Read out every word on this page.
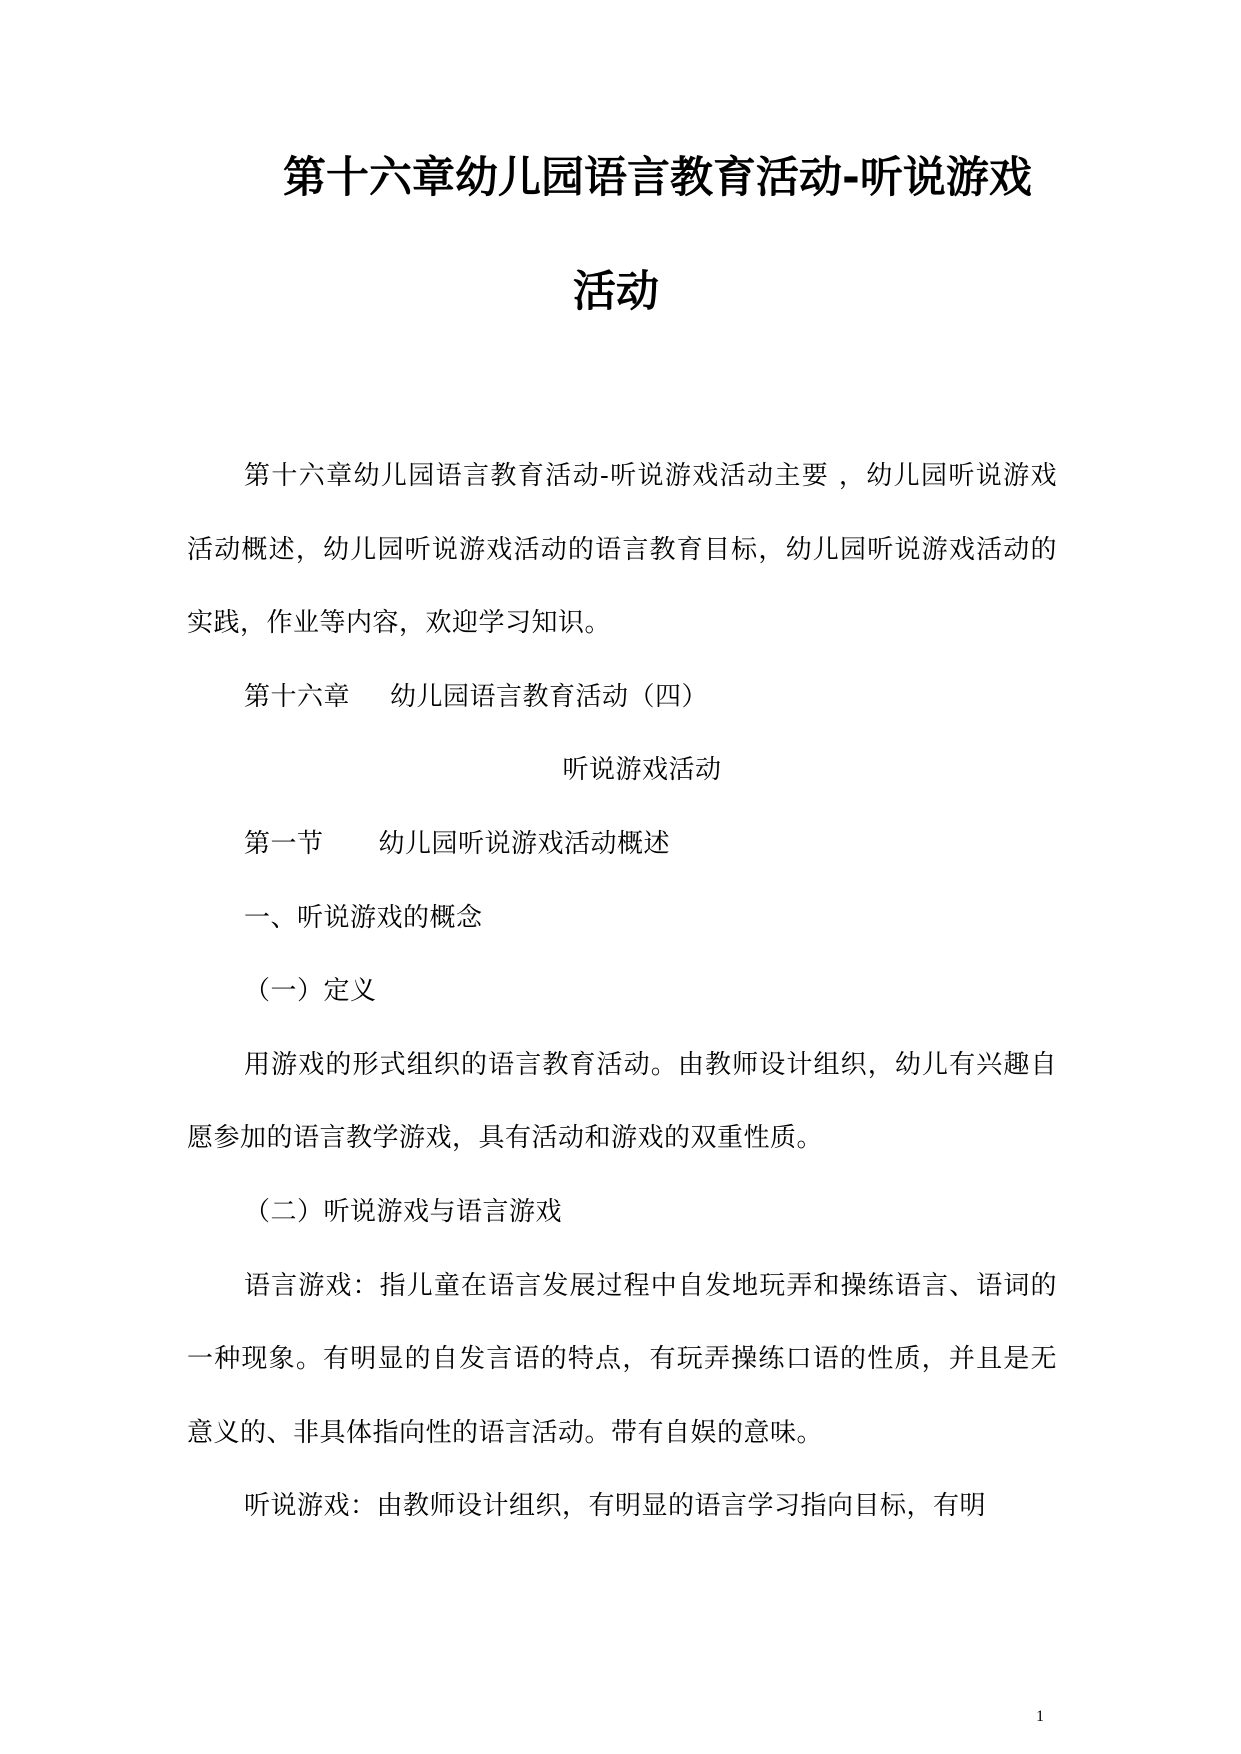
第十六章幼儿园语言教育活动-听说游戏
活动

第十六章幼儿园语言教育活动-听说游戏活动主要 ，幼儿园听说游戏活动概述，幼儿园听说游戏活动的语言教育目标，幼儿园听说游戏活动的实践，作业等内容，欢迎学习知识。

第十六章 幼儿园语言教育活动（四）

听说游戏活动

第一节 幼儿园听说游戏活动概述

一、听说游戏的概念

（一）定义

用游戏的形式组织的语言教育活动。由教师设计组织，幼儿有兴趣自愿参加的语言教学游戏，具有活动和游戏的双重性质。

（二）听说游戏与语言游戏

语言游戏：指儿童在语言发展过程中自发地玩弄和操练语言、语词的一种现象。有明显的自发言语的特点，有玩弄操练口语的性质，并且是无意义的、非具体指向性的语言活动。带有自娱的意味。

听说游戏：由教师设计组织，有明显的语言学习指向目标，有明

1
